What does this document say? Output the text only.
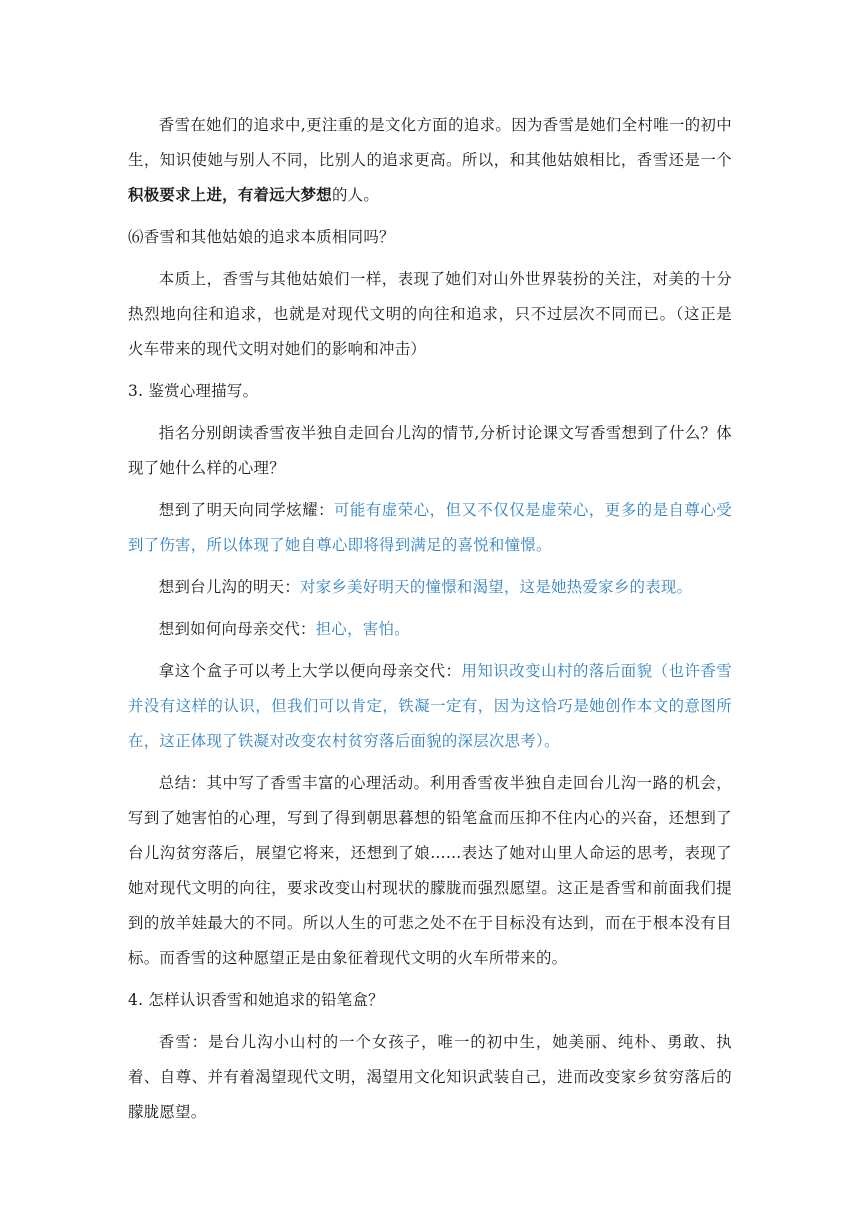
香雪在她们的追求中,更注重的是文化方面的追求。因为香雪是她们全村唯一的初中生，知识使她与别人不同，比别人的追求更高。所以，和其他姑娘相比，香雪还是一个积极要求上进，有着远大梦想的人。

⑹香雪和其他姑娘的追求本质相同吗？

本质上，香雪与其他姑娘们一样，表现了她们对山外世界装扮的关注，对美的十分热烈地向往和追求，也就是对现代文明的向往和追求，只不过层次不同而已。（这正是火车带来的现代文明对她们的影响和冲击）

3. 鉴赏心理描写。

指名分别朗读香雪夜半独自走回台儿沟的情节,分析讨论课文写香雪想到了什么？体现了她什么样的心理？

想到了明天向同学炫耀：可能有虚荣心，但又不仅仅是虚荣心，更多的是自尊心受到了伤害，所以体现了她自尊心即将得到满足的喜悦和憧憬。

想到台儿沟的明天：对家乡美好明天的憧憬和渴望，这是她热爱家乡的表现。

想到如何向母亲交代：担心，害怕。

拿这个盒子可以考上大学以便向母亲交代：用知识改变山村的落后面貌（也许香雪并没有这样的认识，但我们可以肯定，铁凝一定有，因为这恰巧是她创作本文的意图所在，这正体现了铁凝对改变农村贫穷落后面貌的深层次思考）。

总结：其中写了香雪丰富的心理活动。利用香雪夜半独自走回台儿沟一路的机会，写到了她害怕的心理，写到了得到朝思暮想的铅笔盒而压抑不住内心的兴奋，还想到了台儿沟贫穷落后，展望它将来，还想到了娘……表达了她对山里人命运的思考，表现了她对现代文明的向往，要求改变山村现状的朦胧而强烈愿望。这正是香雪和前面我们提到的放羊娃最大的不同。所以人生的可悲之处不在于目标没有达到，而在于根本没有目标。而香雪的这种愿望正是由象征着现代文明的火车所带来的。

4. 怎样认识香雪和她追求的铅笔盒？

香雪：是台儿沟小山村的一个女孩子，唯一的初中生，她美丽、纯朴、勇敢、执着、自尊、并有着渴望现代文明，渴望用文化知识武装自己，进而改变家乡贫穷落后的朦胧愿望。
